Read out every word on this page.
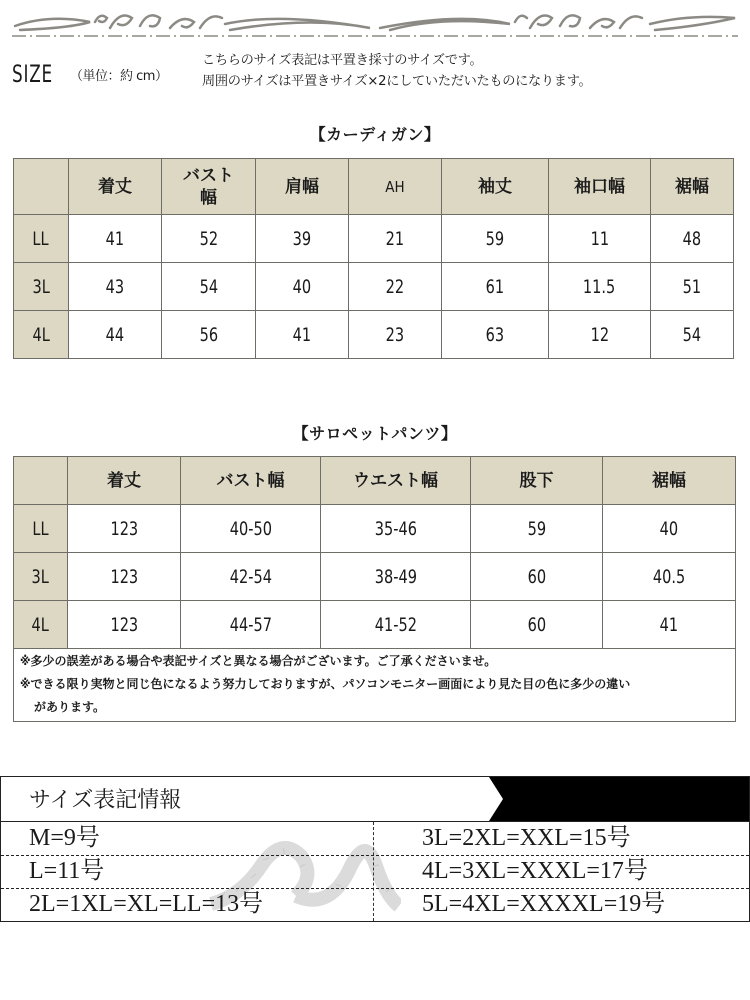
SIZE	（単位：約 cm）
こちらのサイズ表記は平置き採寸のサイズです。
周囲のサイズは平置きサイズ×2にしていただいたものになります。
【カーディガン】
	着丈	バスト幅	肩幅	AH	袖丈	袖口幅	裾幅
LL	41	52	39	21	59	11	48
3L	43	54	40	22	61	11.5	51
4L	44	56	41	23	63	12	54
【サロペットパンツ】
	着丈	バスト幅	ウエスト幅	股下	裾幅
LL	123	40-50	35-46	59	40
3L	123	42-54	38-49	60	40.5
4L	123	44-57	41-52	60	41

※多少の誤差がある場合や表記サイズと異なる場合がございます。ご了承くださいませ。
※できる限り実物と同じ色になるよう努力しておりますが、パソコンモニター画面により見た目の色に多少の違い
があります。					
サイズ表記情報
M=9号
L=11号
2L=1XL=XL=LL=13号
3L=2XL=XXL=15号
4L=3XL=XXXL=17号
5L=4XL=XXXXL=19号
